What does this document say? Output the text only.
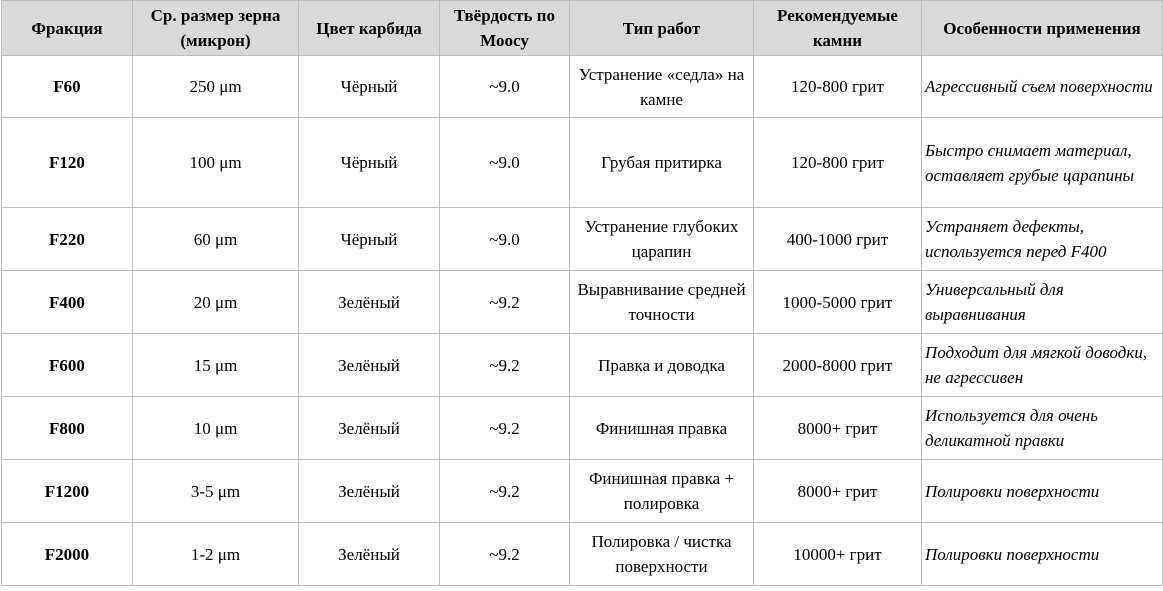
Фракция	Ср. размер зерна (микрон)	Цвет карбида	Твёрдость по Моосу	Тип работ	Рекомендуемые камни	Особенности применения
F60	250 μm	Чёрный	~9.0	Устранение «седла» на камне	120-800 грит	Агрессивный съем поверхности
F120	100 μm	Чёрный	~9.0	Грубая притирка	120-800 грит	Быстро снимает материал, оставляет грубые царапины
F220	60 μm	Чёрный	~9.0	Устранение глубоких царапин	400-1000 грит	Устраняет дефекты, используется перед F400
F400	20 μm	Зелёный	~9.2	Выравнивание средней точности	1000-5000 грит	Универсальный для выравнивания
F600	15 μm	Зелёный	~9.2	Правка и доводка	2000-8000 грит	Подходит для мягкой доводки, не агрессивен
F800	10 μm	Зелёный	~9.2	Финишная правка	8000+ грит	Используется для очень деликатной правки
F1200	3-5 μm	Зелёный	~9.2	Финишная правка + полировка	8000+ грит	Полировки поверхности
F2000	1-2 μm	Зелёный	~9.2	Полировка / чистка поверхности	10000+ грит	Полировки поверхности
